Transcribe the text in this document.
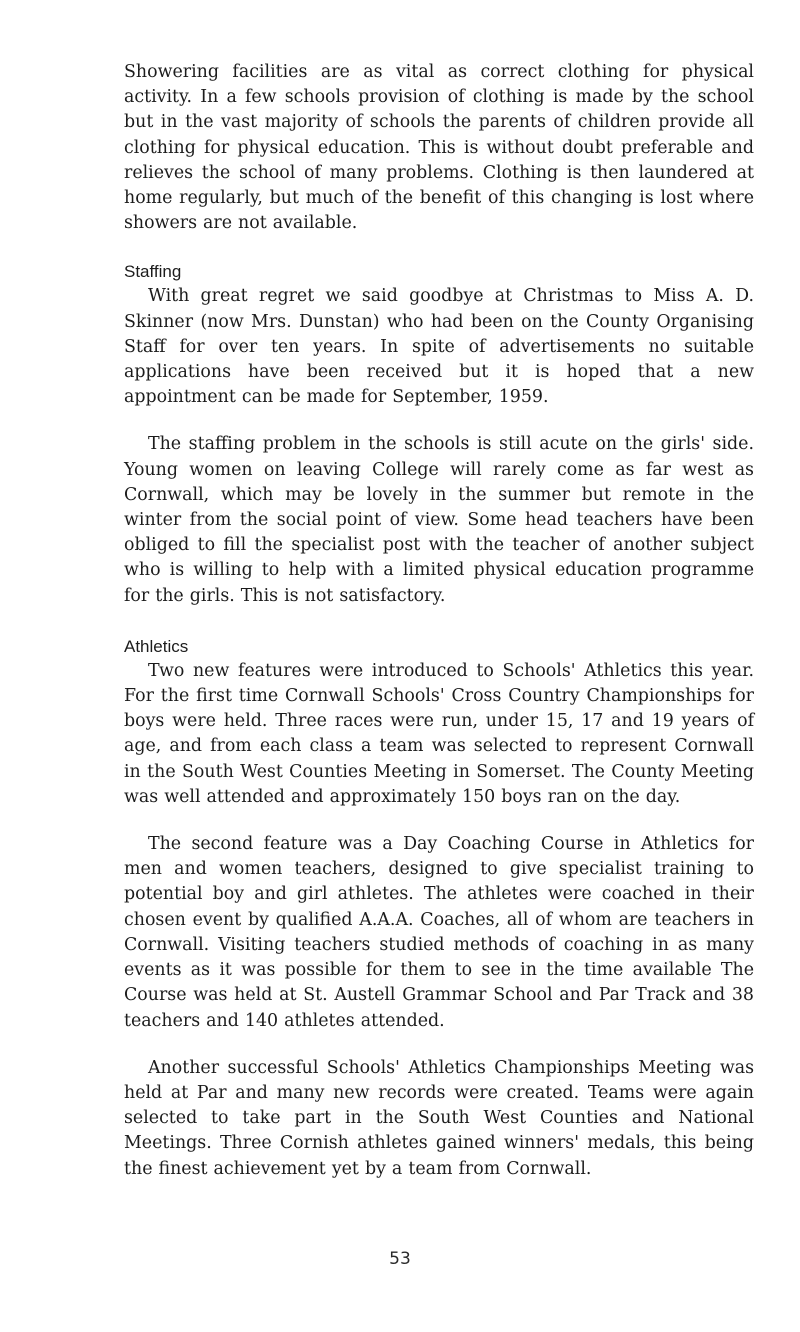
Showering facilities are as vital as correct clothing for physical activity. In a few schools provision of clothing is made by the school but in the vast majority of schools the parents of children provide all clothing for physical education. This is without doubt preferable and relieves the school of many problems. Clothing is then laundered at home regularly, but much of the benefit of this changing is lost where showers are not available.

Staffing

With great regret we said goodbye at Christmas to Miss A. D. Skinner (now Mrs. Dunstan) who had been on the County Organising Staff for over ten years. In spite of advertisements no suitable applications have been received but it is hoped that a new appointment can be made for September, 1959.

The staffing problem in the schools is still acute on the girls' side. Young women on leaving College will rarely come as far west as Cornwall, which may be lovely in the summer but remote in the winter from the social point of view. Some head teachers have been obliged to fill the specialist post with the teacher of another subject who is willing to help with a limited physical education programme for the girls. This is not satisfactory.

Athletics

Two new features were introduced to Schools' Athletics this year. For the first time Cornwall Schools' Cross Country Championships for boys were held. Three races were run, under 15, 17 and 19 years of age, and from each class a team was selected to represent Cornwall in the South West Counties Meeting in Somerset. The County Meeting was well attended and approximately 150 boys ran on the day.

The second feature was a Day Coaching Course in Athletics for men and women teachers, designed to give specialist training to potential boy and girl athletes. The athletes were coached in their chosen event by qualified A.A.A. Coaches, all of whom are teachers in Cornwall. Visiting teachers studied methods of coaching in as many events as it was possible for them to see in the time available The Course was held at St. Austell Grammar School and Par Track and 38 teachers and 140 athletes attended.

Another successful Schools' Athletics Championships Meeting was held at Par and many new records were created. Teams were again selected to take part in the South West Counties and National Meetings. Three Cornish athletes gained winners' medals, this being the finest achievement yet by a team from Cornwall.

53
